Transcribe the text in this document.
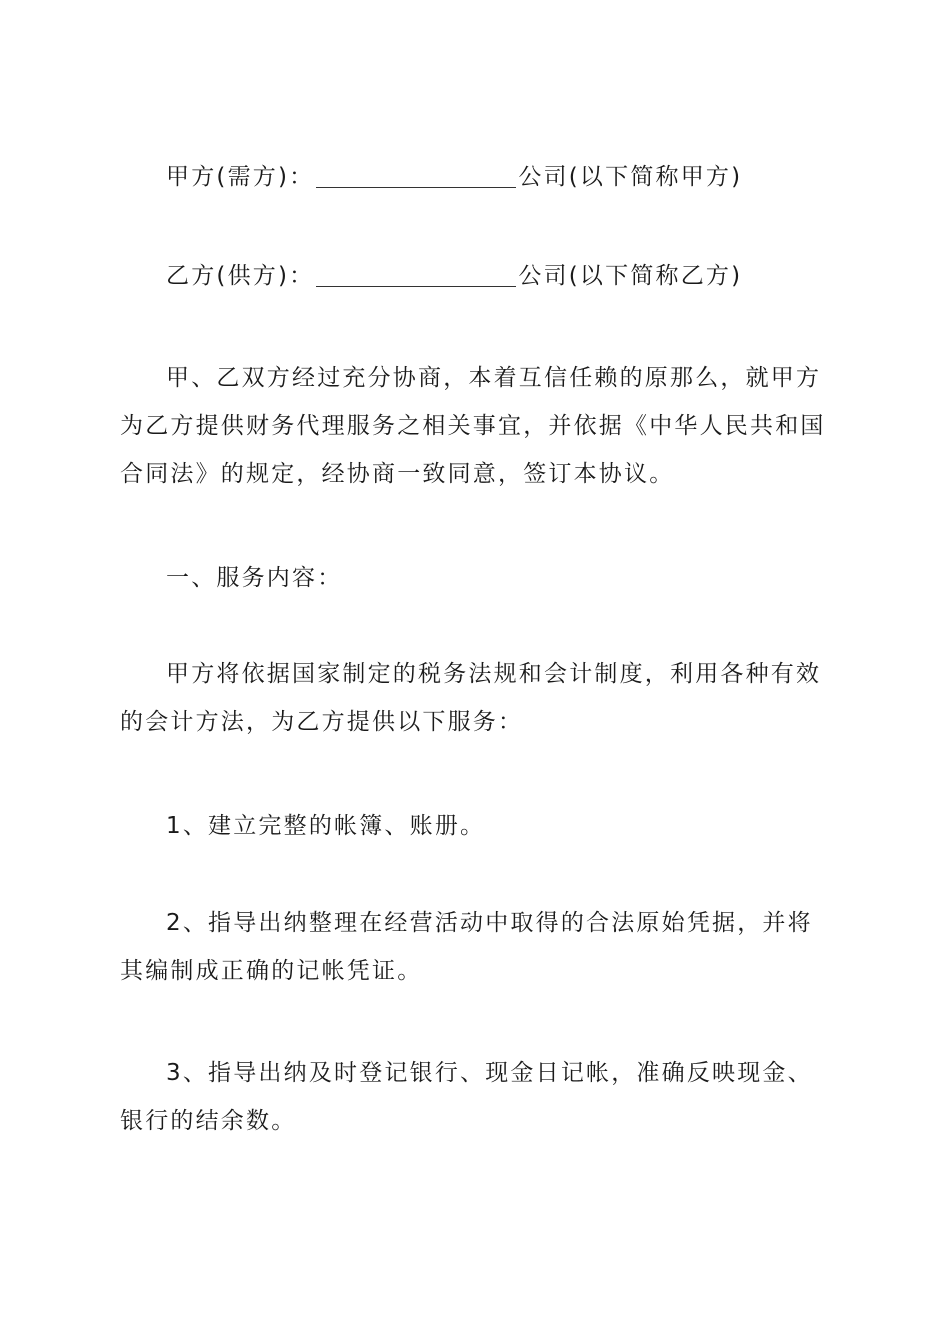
甲方(需方)：	公司(以下简称甲方)
乙方(供方)：	公司(以下简称乙方)

甲、乙双方经过充分协商，本着互信任赖的原那么，就甲方为乙方提供财务代理服务之相关事宜，并依据《中华人民共和国合同法》的规定，经协商一致同意，签订本协议。

一、服务内容：

甲方将依据国家制定的税务法规和会计制度，利用各种有效的会计方法，为乙方提供以下服务：

1、建立完整的帐簿、账册。

2、指导出纳整理在经营活动中取得的合法原始凭据，并将其编制成正确的记帐凭证。

3、指导出纳及时登记银行、现金日记帐，准确反映现金、银行的结余数。
